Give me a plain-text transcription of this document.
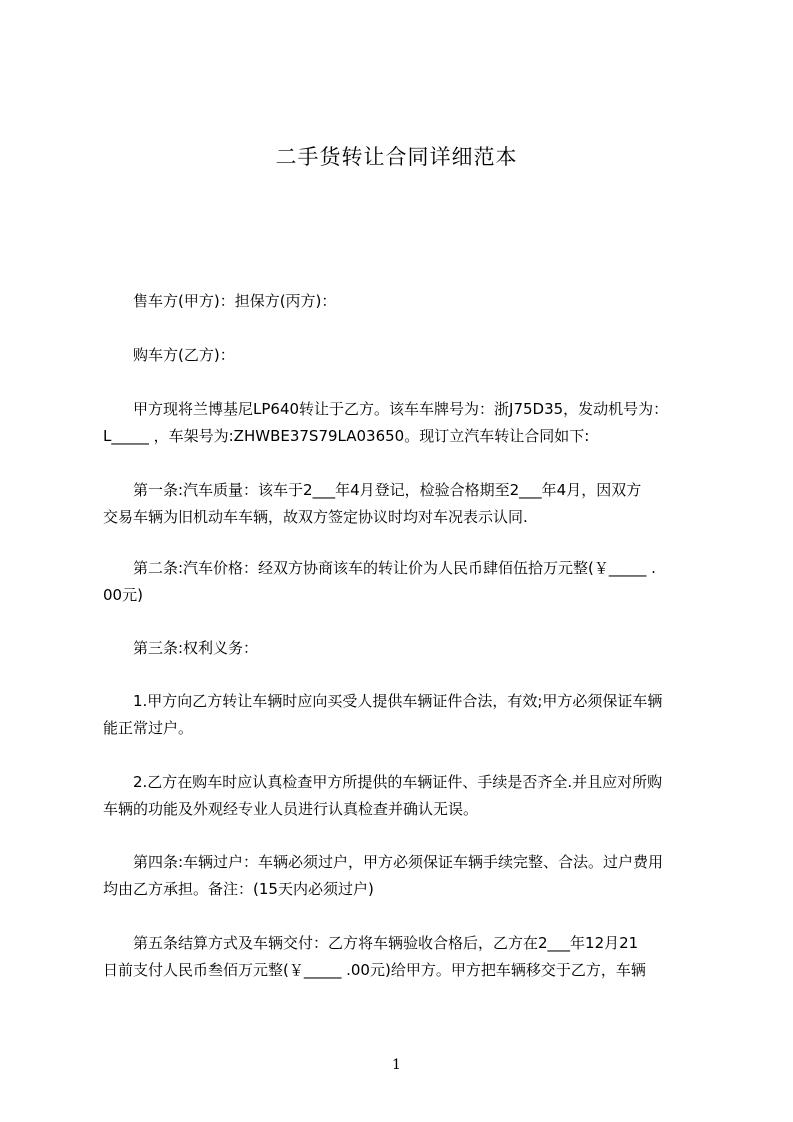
二手货转让合同详细范本
　　售车方(甲方)：担保方(丙方)：
　　购车方(乙方)：
　　甲方现将兰博基尼LP640转让于乙方。该车车牌号为：浙J75D35，发动机号为：
L_____ ，车架号为:ZHWBE37S79LA03650。现订立汽车转让合同如下:
　　第一条:汽车质量：该车于2___年4月登记，检验合格期至2___年4月，因双方
交易车辆为旧机动车车辆，故双方签定协议时均对车况表示认同.
　　第二条:汽车价格：经双方协商该车的转让价为人民币肆佰伍拾万元整(￥_____ .
00元)
　　第三条:权利义务：
　　1.甲方向乙方转让车辆时应向买受人提供车辆证件合法，有效;甲方必须保证车辆
能正常过户。
　　2.乙方在购车时应认真检查甲方所提供的车辆证件、手续是否齐全.并且应对所购
车辆的功能及外观经专业人员进行认真检查并确认无误。
　　第四条:车辆过户：车辆必须过户，甲方必须保证车辆手续完整、合法。过户费用
均由乙方承担。备注：(15天内必须过户)
　　第五条结算方式及车辆交付：乙方将车辆验收合格后，乙方在2___年12月21
日前支付人民币叁佰万元整(￥_____ .00元)给甲方。甲方把车辆移交于乙方，车辆
1
